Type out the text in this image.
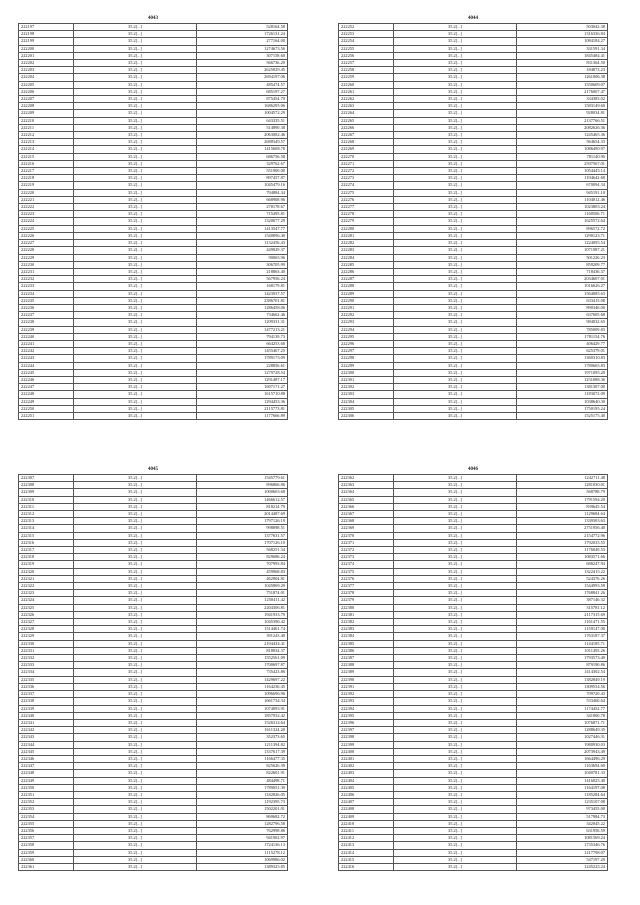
4043
222197	35.2[...]	528164.58
222198	35.2[...]	1726131.24
222199	35.2[...]	277164.00
222200	35.2[...]	1274673.56
222201	35.2[...]	307158.60
222202	35.2[...]	566736.20
222203	35.2[...]	2625829.45
222204	35.2[...]	2694197.06
222205	35.2[...]	485474.57
222206	35.2[...]	685197.27
222207	35.2[...]	875454.70
222208	35.2[...]	1686295.06
222209	35.2[...]	1004572.29
222210	35.2[...]	643335.51
222211	35.2[...]	514890.38
222212	35.2[...]	2063082.46
222213	35.2[...]	2688349.57
222214	35.2[...]	1415608.78
222215	35.2[...]	686756.58
222216	35.2[...]	329762.67
222217	35.2[...]	551900.00
222218	35.2[...]	897457.87
222219	35.2[...]	1045479.16
222220	35.2[...]	794884.34
222221	35.2[...]	668908.96
222222	35.2[...]	278178.67
222223	35.2[...]	715495.81
222224	35.2[...]	1320677.29
222225	35.2[...]	1413547.77
222226	35.2[...]	1540896.40
222227	35.2[...]	1132456.43
222228	35.2[...]	449829.37
222229	35.2[...]	90065.96
222230	35.2[...]	306705.99
222231	35.2[...]	218863.40
222232	35.2[...]	567956.24
222233	35.2[...]	168179.81
222234	35.2[...]	1423937.57
222235	35.2[...]	2386701.81
222236	35.2[...]	1286458.06
222237	35.2[...]	734662.46
222238	35.2[...]	1209331.31
222239	35.2[...]	1477213.21
222240	35.2[...]	794139.73
222241	35.2[...]	664253.68
222242	35.2[...]	1455467.25
222243	35.2[...]	1789173.09
222244	35.2[...]	228856.61
222245	35.2[...]	1279728.54
222246	35.2[...]	1291487.17
222247	35.2[...]	1697171.27
222248	35.2[...]	1615710.88
222249	35.2[...]	1294453.36
222250	35.2[...]	2115773.81
222251	35.2[...]	1177666.89
4044
222252	35.2[...]	503042.38
222253	35.2[...]	1316336.84
222254	35.2[...]	1084184.27
222255	35.2[...]	331591.34
222256	35.2[...]	1845484.41
222257	35.2[...]	831364.50
222258	35.2[...]	184873.23
222259	35.2[...]	1261006.38
222260	35.2[...]	1550609.07
222261	35.2[...]	2176007.47
222262	35.2[...]	334383.02
222263	35.2[...]	1583149.60
222264	35.2[...]	928034.81
222265	35.2[...]	2137766.51
222266	35.2[...]	2082626.36
222267	35.2[...]	1245465.36
222268	35.2[...]	564654.33
222269	35.2[...]	1086490.97
222270	35.2[...]	781140.96
222271	35.2[...]	2597567.01
222272	35.2[...]	1054445.14
222273	35.2[...]	1194642.68
222274	35.2[...]	670094.34
222275	35.2[...]	945191.10
222276	35.2[...]	1104012.46
222277	35.2[...]	1023803.24
222278	35.2[...]	1160506.71
222279	35.2[...]	1625572.64
222280	35.2[...]	896572.72
222281	35.2[...]	1290123.71
222282	35.2[...]	1224095.54
222283	35.2[...]	1071987.21
222284	35.2[...]	501226.23
222285	35.2[...]	859209.77
222286	35.2[...]	718436.37
222287	35.2[...]	2034607.01
222288	35.2[...]	1016626.27
222289	35.2[...]	1564085.63
222290	35.2[...]	633415.08
222291	35.2[...]	890346.00
222292	35.2[...]	637005.68
222293	35.2[...]	984032.65
222294	35.2[...]	785009.83
222295	35.2[...]	1781154.76
222296	35.2[...]	406429.77
222297	35.2[...]	625379.01
222298	35.2[...]	1360310.83
222299	35.2[...]	1780665.83
222300	35.2[...]	1971095.20
222301	35.2[...]	1231088.36
222302	35.2[...]	1381307.00
222303	35.2[...]	1183072.09
222304	35.2[...]	1038640.30
222305	35.2[...]	1750195.24
222306	35.2[...]	1525175.40
4045
222307	35.2[...]	1545779.61
222308	35.2[...]	896866.86
222309	35.2[...]	1000603.68
222310	35.2[...]	1466612.57
222311	35.2[...]	818214.79
222312	35.2[...]	2014487.69
222313	35.2[...]	1797126.19
222314	35.2[...]	998898.51
222315	35.2[...]	1377631.57
222316	35.2[...]	1707126.10
222317	35.2[...]	568251.34
222318	35.2[...]	829686.24
222319	35.2[...]	707993.84
222320	35.2[...]	459968.83
222321	35.2[...]	462904.81
222322	35.2[...]	1045869.29
222323	35.2[...]	751874.01
222324	35.2[...]	1250411.42
222325	35.2[...]	2204306.81
222326	35.2[...]	1941933.79
222327	35.2[...]	1045396.42
222328	35.2[...]	1514401.74
222329	35.2[...]	391243.40
222330	35.2[...]	2194434.41
222331	35.2[...]	818834.37
222332	35.2[...]	1552561.09
222333	35.2[...]	1700697.87
222334	35.2[...]	735423.86
222335	35.2[...]	1429697.22
222336	35.2[...]	1164236.45
222337	35.2[...]	1096696.96
222338	35.2[...]	1661734.34
222339	35.2[...]	1074093.91
222340	35.2[...]	1857932.42
222341	35.2[...]	1526314.64
222342	35.2[...]	1611324.20
222343	35.2[...]	352373.65
222344	35.2[...]	1211394.82
222345	35.2[...]	1337617.39
222346	35.2[...]	1166477.35
222347	35.2[...]	825626.39
222348	35.2[...]	822601.91
222349	35.2[...]	484498.71
222350	35.2[...]	1789051.39
222351	35.2[...]	1182826.05
222352	35.2[...]	1192395.73
222353	35.2[...]	1502201.01
222354	35.2[...]	869682.72
222355	35.2[...]	1282796.58
222356	35.2[...]	762998.86
222357	35.2[...]	941902.97
222358	35.2[...]	1724136.13
222359	35.2[...]	1115278.12
222360	35.2[...]	1069986.02
222361	35.2[...]	1389325.85
4046
222362	35.2[...]	1242711.48
222363	35.2[...]	1281030.01
222364	35.2[...]	568788.79
222365	35.2[...]	1791594.20
222366	35.2[...]	839645.54
222367	35.2[...]	1129684.64
222368	35.2[...]	1339303.63
222369	35.2[...]	2751956.40
222370	35.2[...]	2154772.96
222371	35.2[...]	1792035.55
222372	35.2[...]	1176049.53
222373	35.2[...]	1083571.66
222374	35.2[...]	688247.94
222375	35.2[...]	1322415.22
222376	35.2[...]	524376.26
222377	35.2[...]	1544993.58
222378	35.2[...]	1768841.26
222379	35.2[...]	387146.32
222380	35.2[...]	315781.12
222381	35.2[...]	2117315.69
222382	35.2[...]	1161471.55
222383	35.2[...]	1159147.00
222384	35.2[...]	1763187.37
222385	35.2[...]	1144185.71
222386	35.2[...]	1011493.26
222387	35.2[...]	1793573.40
222388	35.2[...]	879190.86
222389	35.2[...]	1414302.54
222390	35.2[...]	1382849.19
222391	35.2[...]	1309554.56
222392	35.2[...]	709720.43
222393	35.2[...]	533460.64
222394	35.2[...]	1174452.77
222395	35.2[...]	341800.78
222396	35.2[...]	1076871.71
222397	35.2[...]	1288649.35
222398	35.2[...]	1027446.31
222399	35.2[...]	1980930.03
222400	35.2[...]	2073943.49
222401	35.2[...]	1664496.29
222402	35.2[...]	1163694.60
222403	35.2[...]	1040781.33
222404	35.2[...]	1416025.40
222405	35.2[...]	1164197.08
222406	35.2[...]	1185284.64
222407	35.2[...]	1235107.08
222408	35.2[...]	973455.00
222409	35.2[...]	517984.73
222410	35.2[...]	342045.22
222411	35.2[...]	631956.59
222412	35.2[...]	1081569.24
222413	35.2[...]	1735346.76
222414	35.2[...]	1217798.07
222415	35.2[...]	547197.29
222416	35.2[...]	1245225.24
